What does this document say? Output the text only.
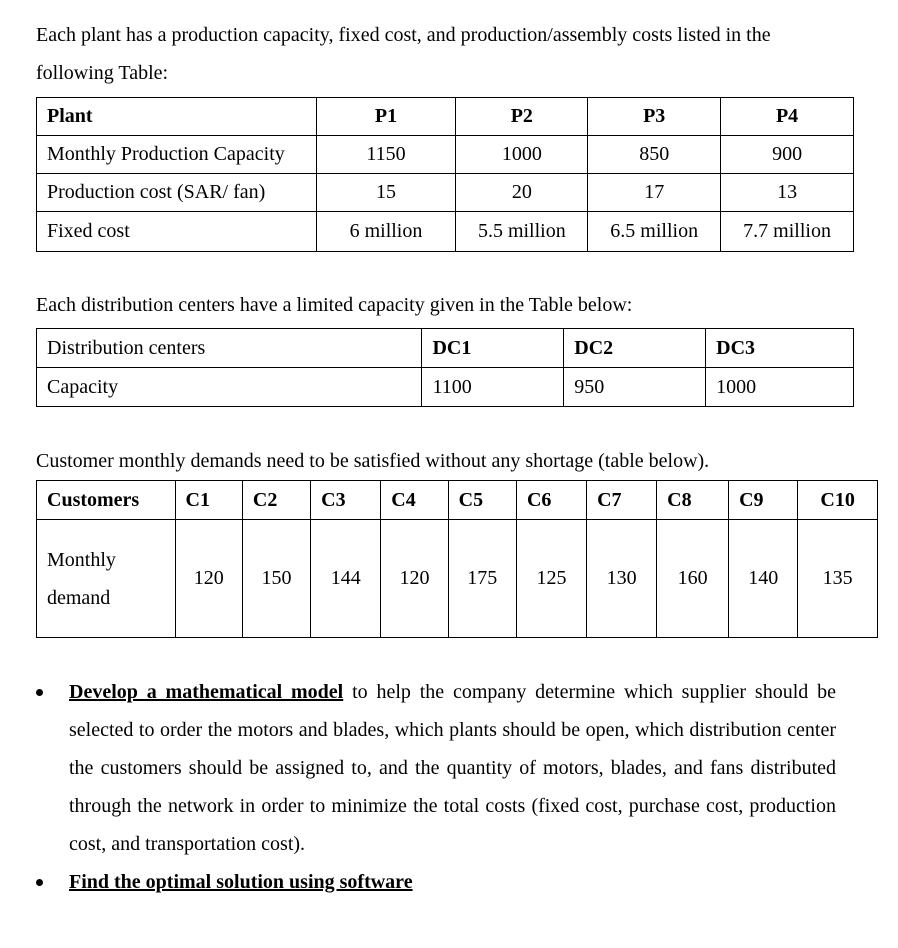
Each plant has a production capacity, fixed cost, and production/assembly costs listed in the following Table:
Plant	P1	P2	P3	P4
Monthly Production Capacity	1150	1000	850	900
Production cost (SAR/ fan)	15	20	17	13
Fixed cost	6 million	5.5 million	6.5 million	7.7 million
Each distribution centers have a limited capacity given in the Table below:
Distribution centers	DC1	DC2	DC3
Capacity	1100	950	1000
Customer monthly demands need to be satisfied without any shortage (table below).
Customers	C1	C2	C3	C4	C5	C6	C7	C8	C9	C10
Monthly demand	120	150	144	120	175	125	130	160	140	135
Develop a mathematical model to help the company determine which supplier should be selected to order the motors and blades, which plants should be open, which distribution center the customers should be assigned to, and the quantity of motors, blades, and fans distributed through the network in order to minimize the total costs (fixed cost, purchase cost, production cost, and transportation cost).
Find the optimal solution using software
